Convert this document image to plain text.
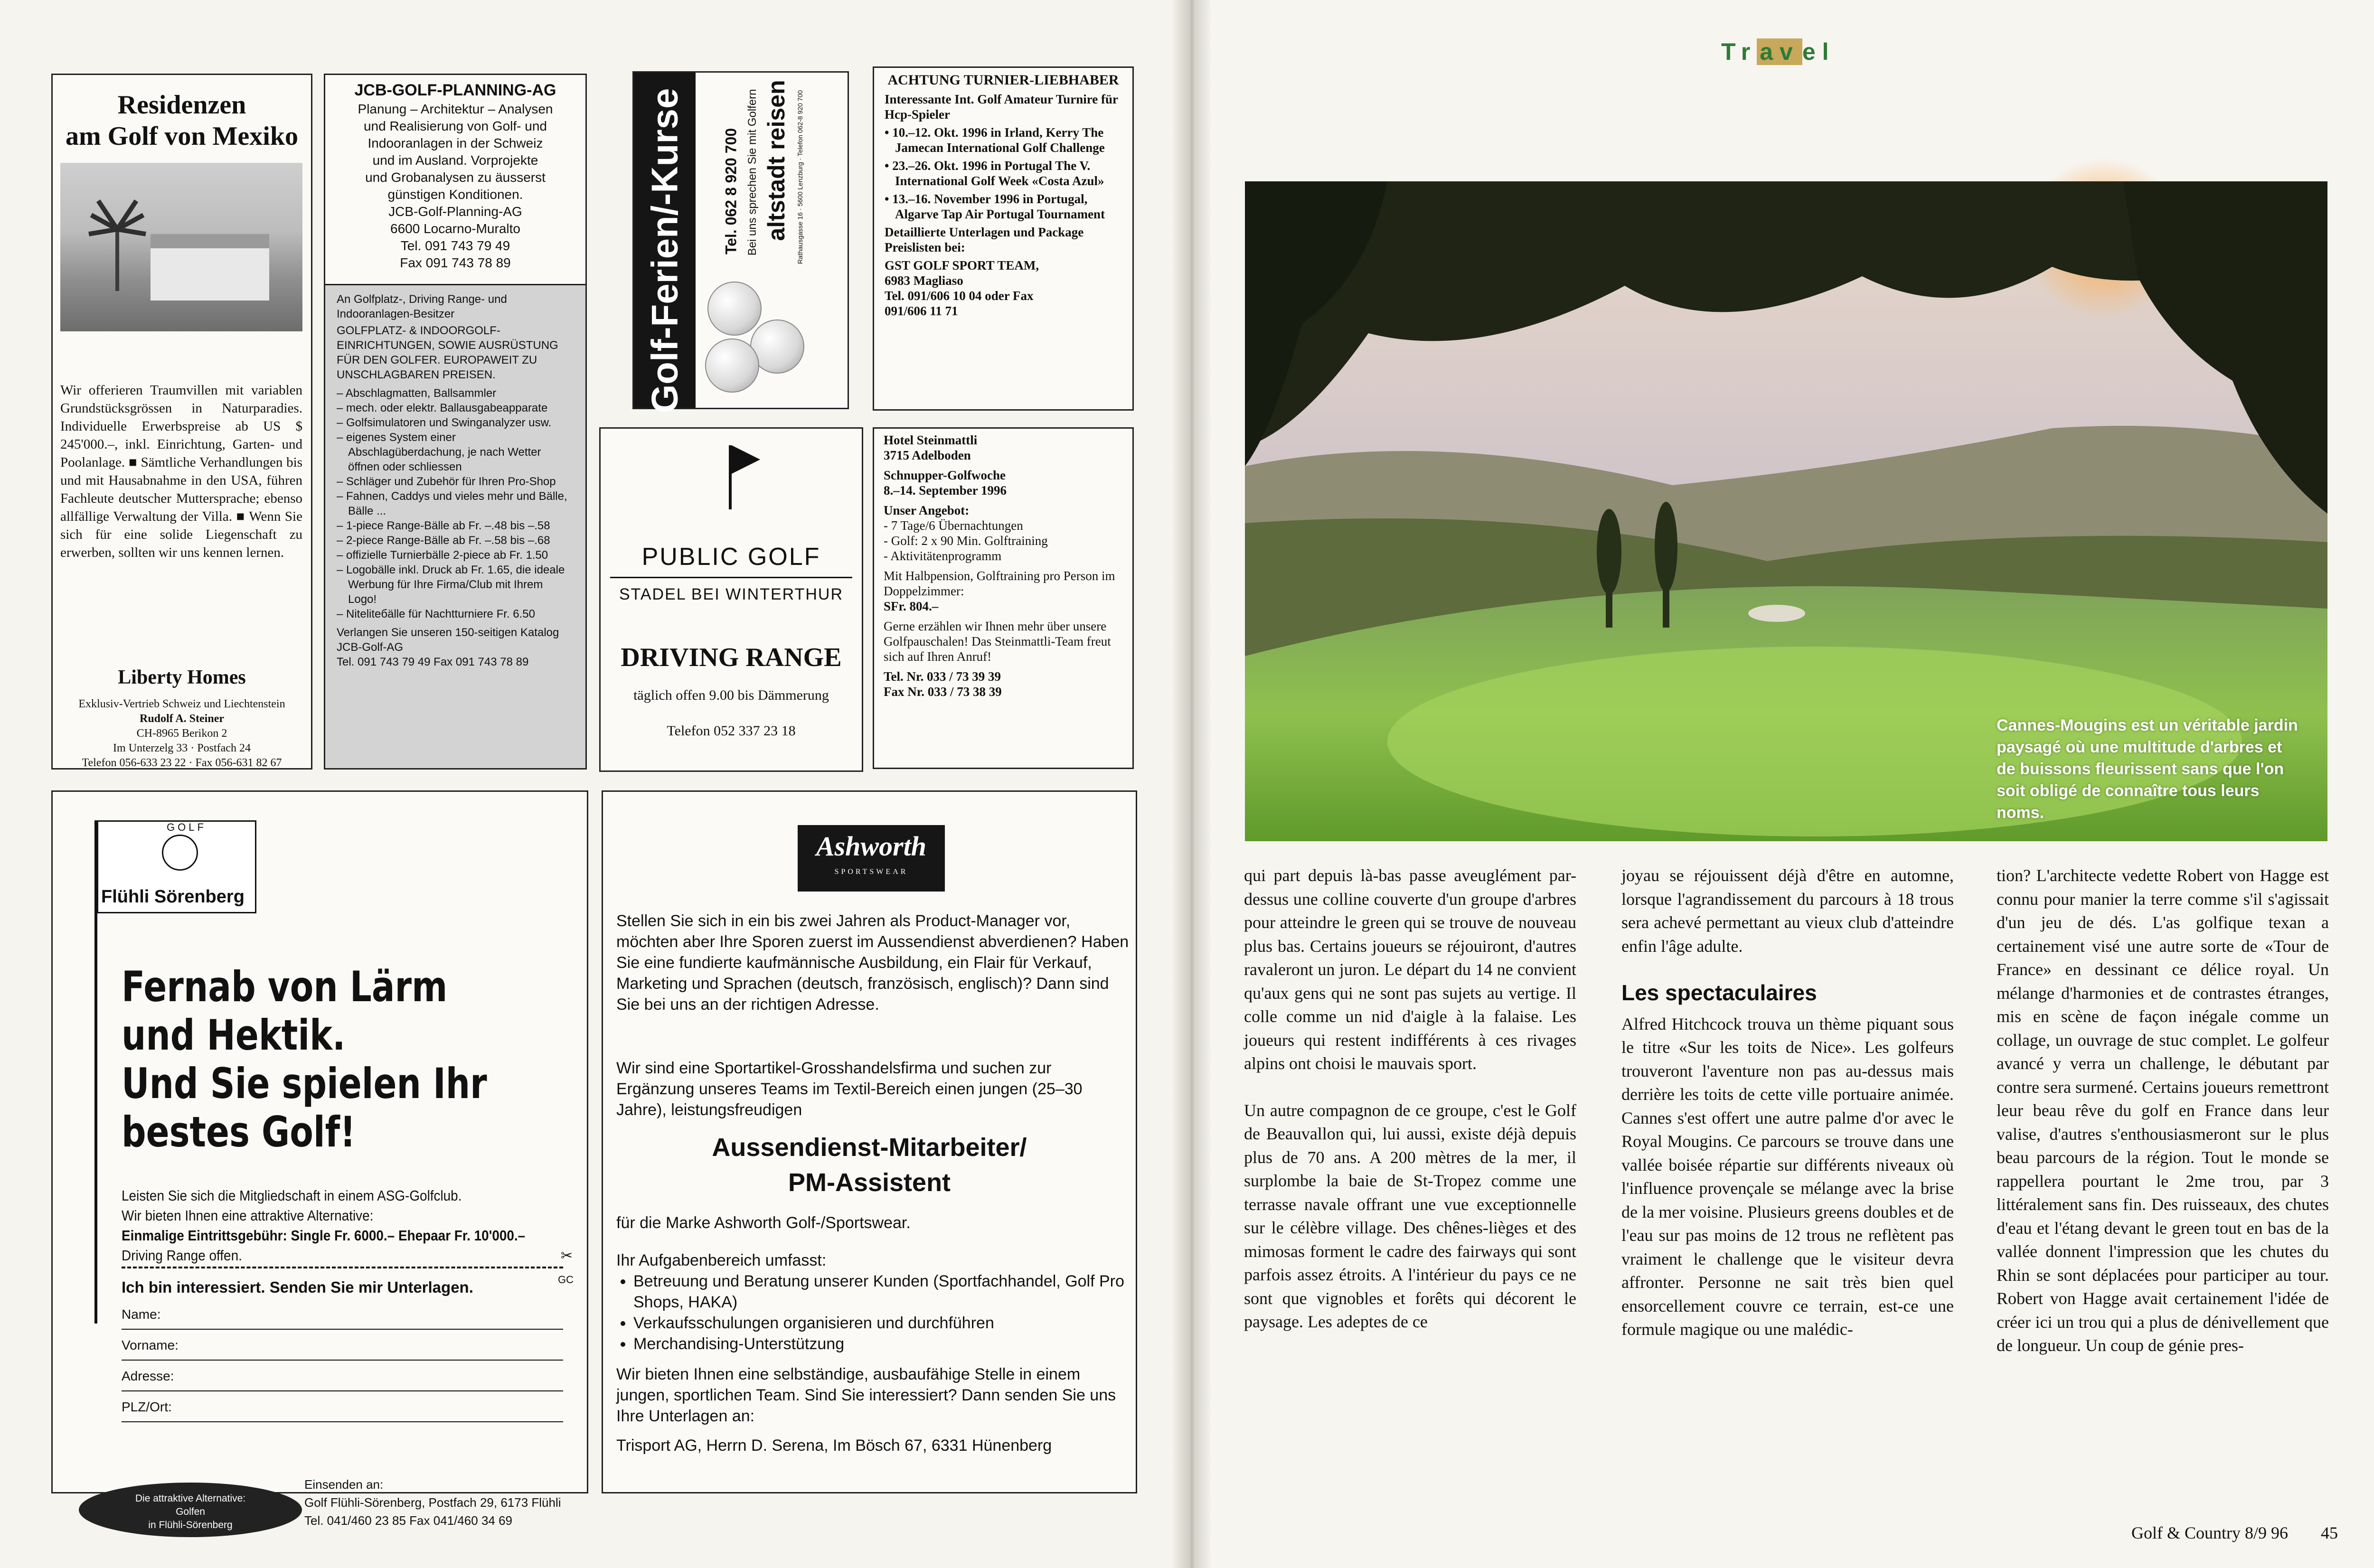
Residenzen
am Golf von Mexiko
Wir offerieren Traumvillen mit variablen Grundstücksgrössen in Naturparadies. Individuelle Erwerbspreise ab US $ 245'000.–, inkl. Einrichtung, Garten- und Poolanlage. ■ Sämtliche Verhandlungen bis und mit Hausabnahme in den USA, führen Fachleute deutscher Muttersprache; ebenso allfällige Verwaltung der Villa. ■ Wenn Sie sich für eine solide Liegenschaft zu erwerben, sollten wir uns kennen lernen.
Liberty Homes
Exklusiv-Vertrieb Schweiz und Liechtenstein
Rudolf A. Steiner
CH-8965 Berikon 2
Im Unterzelg 33 · Postfach 24
Telefon 056-633 23 22 · Fax 056-631 82 67
JCB-GOLF-PLANNING-AG
Planung – Architektur – Analysen
und Realisierung von Golf- und
Indooranlagen in der Schweiz
und im Ausland. Vorprojekte
und Grobanalysen zu äusserst
günstigen Konditionen.
JCB-Golf-Planning-AG
6600 Locarno-Muralto
Tel. 091 743 79 49
Fax 091 743 78 89
An Golfplatz-, Driving Range- und Indooranlagen-Besitzer
GOLFPLATZ- & INDOORGOLF-EINRICHTUNGEN, SOWIE AUSRÜSTUNG FÜR DEN GOLFER. EUROPAWEIT ZU UNSCHLAGBAREN PREISEN.
– Abschlagmatten, Ballsammler
– mech. oder elektr. Ballausgabeapparate
– Golfsimulatoren und Swinganalyzer usw.
– eigenes System einer Abschlagüberdachung, je nach Wetter öffnen oder schliessen
– Schläger und Zubehör für Ihren Pro-Shop
– Fahnen, Caddys und vieles mehr und Bälle, Bälle ...
– 1-piece Range-Bälle ab Fr. –.48 bis –.58
– 2-piece Range-Bälle ab Fr. –.58 bis –.68
– offizielle Turnierbälle 2-piece ab Fr. 1.50
– Logobälle inkl. Druck ab Fr. 1.65, die ideale Werbung für Ihre Firma/Club mit Ihrem Logo!
– Niteliteбälle für Nachtturniere Fr. 6.50
Verlangen Sie unseren 150-seitigen Katalog
JCB-Golf-AG
Tel. 091 743 79 49 Fax 091 743 78 89
Golf-Ferien/-Kurse Tel. 062 8 920 700 Bei uns sprechen Sie mit Golfern altstadt reisen Rathausgasse 16 · 5600 Lenzburg · Telefon 062-8 920 700
ACHTUNG TURNIER-LIEBHABER

Interessante Int. Golf Amateur Turnire für Hcp-Spieler

• 10.–12. Okt. 1996 in Irland, Kerry The Jamecan International Golf Challenge

• 23.–26. Okt. 1996 in Portugal The V. International Golf Week «Costa Azul»

• 13.–16. November 1996 in Portugal, Algarve Tap Air Portugal Tournament

Detaillierte Unterlagen und Package Preislisten bei:

GST GOLF SPORT TEAM,
6983 Magliaso
Tel. 091/606 10 04 oder Fax
091/606 11 71
PUBLIC GOLF
STADEL BEI WINTERTHUR
DRIVING RANGE
täglich offen 9.00 bis Dämmerung
Telefon 052 337 23 18

Hotel Steinmattli
3715 Adelboden

Schnupper-Golfwoche
8.–14. September 1996

Unser Angebot:
- 7 Tage/6 Übernachtungen
- Golf: 2 x 90 Min. Golftraining
- Aktivitätenprogramm

Mit Halbpension, Golftraining pro Person im Doppelzimmer:
SFr. 804.–

Gerne erzählen wir Ihnen mehr über unsere Golfpauschalen! Das Steinmattli-Team freut sich auf Ihren Anruf!

Tel. Nr. 033 / 73 39 39
Fax Nr. 033 / 73 38 39
GOLF
Flühli Sörenberg
Fernab von Lärm
und Hektik.
Und Sie spielen Ihr
bestes Golf!
Leisten Sie sich die Mitgliedschaft in einem ASG-Golfclub.
Wir bieten Ihnen eine attraktive Alternative:
Einmalige Eintrittsgebühr: Single Fr. 6000.– Ehepaar Fr. 10'000.–
Driving Range offen.	✂
GC
Ich bin interessiert. Senden Sie mir Unterlagen.
Name:
Vorname:
Adresse:
PLZ/Ort:
Die attraktive Alternative:
Golfen
in Flühli-Sörenberg
Einsenden an:
Golf Flühli-Sörenberg, Postfach 29, 6173 Flühli
Tel. 041/460 23 85 Fax 041/460 34 69
Ashworth
SPORTSWEAR
Stellen Sie sich in ein bis zwei Jahren als Product-Manager vor, möchten aber Ihre Sporen zuerst im Aussendienst abverdienen? Haben Sie eine fundierte kaufmännische Ausbildung, ein Flair für Verkauf, Marketing und Sprachen (deutsch, französisch, englisch)? Dann sind Sie bei uns an der richtigen Adresse.
Wir sind eine Sportartikel-Grosshandelsfirma und suchen zur Ergänzung unseres Teams im Textil-Bereich einen jungen (25–30 Jahre), leistungsfreudigen
Aussendienst-Mitarbeiter/
PM-Assistent
für die Marke Ashworth Golf-/Sportswear.
Ihr Aufgabenbereich umfasst:
• Betreuung und Beratung unserer Kunden (Sportfachhandel, Golf Pro Shops, HAKA)
• Verkaufsschulungen organisieren und durchführen
• Merchandising-Unterstützung
Wir bieten Ihnen eine selbständige, ausbaufähige Stelle in einem jungen, sportlichen Team. Sind Sie interessiert? Dann senden Sie uns Ihre Unterlagen an:
Trisport AG, Herrn D. Serena, Im Bösch 67, 6331 Hünenberg
Tr av el
Cannes-Mougins est un véritable jardin paysagé où une multitude d'arbres et de buissons fleurissent sans que l'on soit obligé de connaître tous leurs noms.

qui part depuis là-bas passe aveuglément par-dessus une colline couverte d'un groupe d'arbres pour atteindre le green qui se trouve de nouveau plus bas. Certains joueurs se réjouiront, d'autres ravaleront un juron. Le départ du 14 ne convient qu'aux gens qui ne sont pas sujets au vertige. Il colle comme un nid d'aigle à la falaise. Les joueurs qui restent indifférents à ces rivages alpins ont choisi le mauvais sport.

Un autre compagnon de ce groupe, c'est le Golf de Beauvallon qui, lui aussi, existe déjà depuis plus de 70 ans. A 200 mètres de la mer, il surplombe la baie de St-Tropez comme une terrasse navale offrant une vue exceptionnelle sur le célèbre village. Des chênes-lièges et des mimosas forment le cadre des fairways qui sont parfois assez étroits. A l'intérieur du pays ce ne sont que vignobles et forêts qui décorent le paysage. Les adeptes de ce

joyau se réjouissent déjà d'être en automne, lorsque l'agrandissement du parcours à 18 trous sera achevé permettant au vieux club d'atteindre enfin l'âge adulte.

Les spectaculaires

Alfred Hitchcock trouva un thème piquant sous le titre «Sur les toits de Nice». Les golfeurs trouveront l'aventure non pas au-dessus mais derrière les toits de cette ville portuaire animée. Cannes s'est offert une autre palme d'or avec le Royal Mougins. Ce parcours se trouve dans une vallée boisée répartie sur différents niveaux où l'influence provençale se mélange avec la brise de la mer voisine. Plusieurs greens doubles et de l'eau sur pas moins de 12 trous ne reflètent pas vraiment le challenge que le visiteur devra affronter. Personne ne sait très bien quel ensorcellement couvre ce terrain, est-ce une formule magique ou une malédic-

tion? L'architecte vedette Robert von Hagge est connu pour manier la terre comme s'il s'agissait d'un jeu de dés. L'as golfique texan a certainement visé une autre sorte de «Tour de France» en dessinant ce délice royal. Un mélange d'harmonies et de contrastes étranges, mis en scène de façon inégale comme un collage, un ouvrage de stuc complet. Le golfeur avancé y verra un challenge, le débutant par contre sera surmené. Certains joueurs remettront leur beau rêve du golf en France dans leur valise, d'autres s'enthousiasmeront sur le plus beau parcours de la région. Tout le monde se rappellera pourtant le 2me trou, par 3 littéralement sans fin. Des ruisseaux, des chutes d'eau et l'étang devant le green tout en bas de la vallée donnent l'impression que les chutes du Rhin se sont déplacées pour participer au tour. Robert von Hagge avait certainement l'idée de créer ici un trou qui a plus de dénivellement que de longueur. Un coup de génie pres-

Golf & Country 8/9 96 45
